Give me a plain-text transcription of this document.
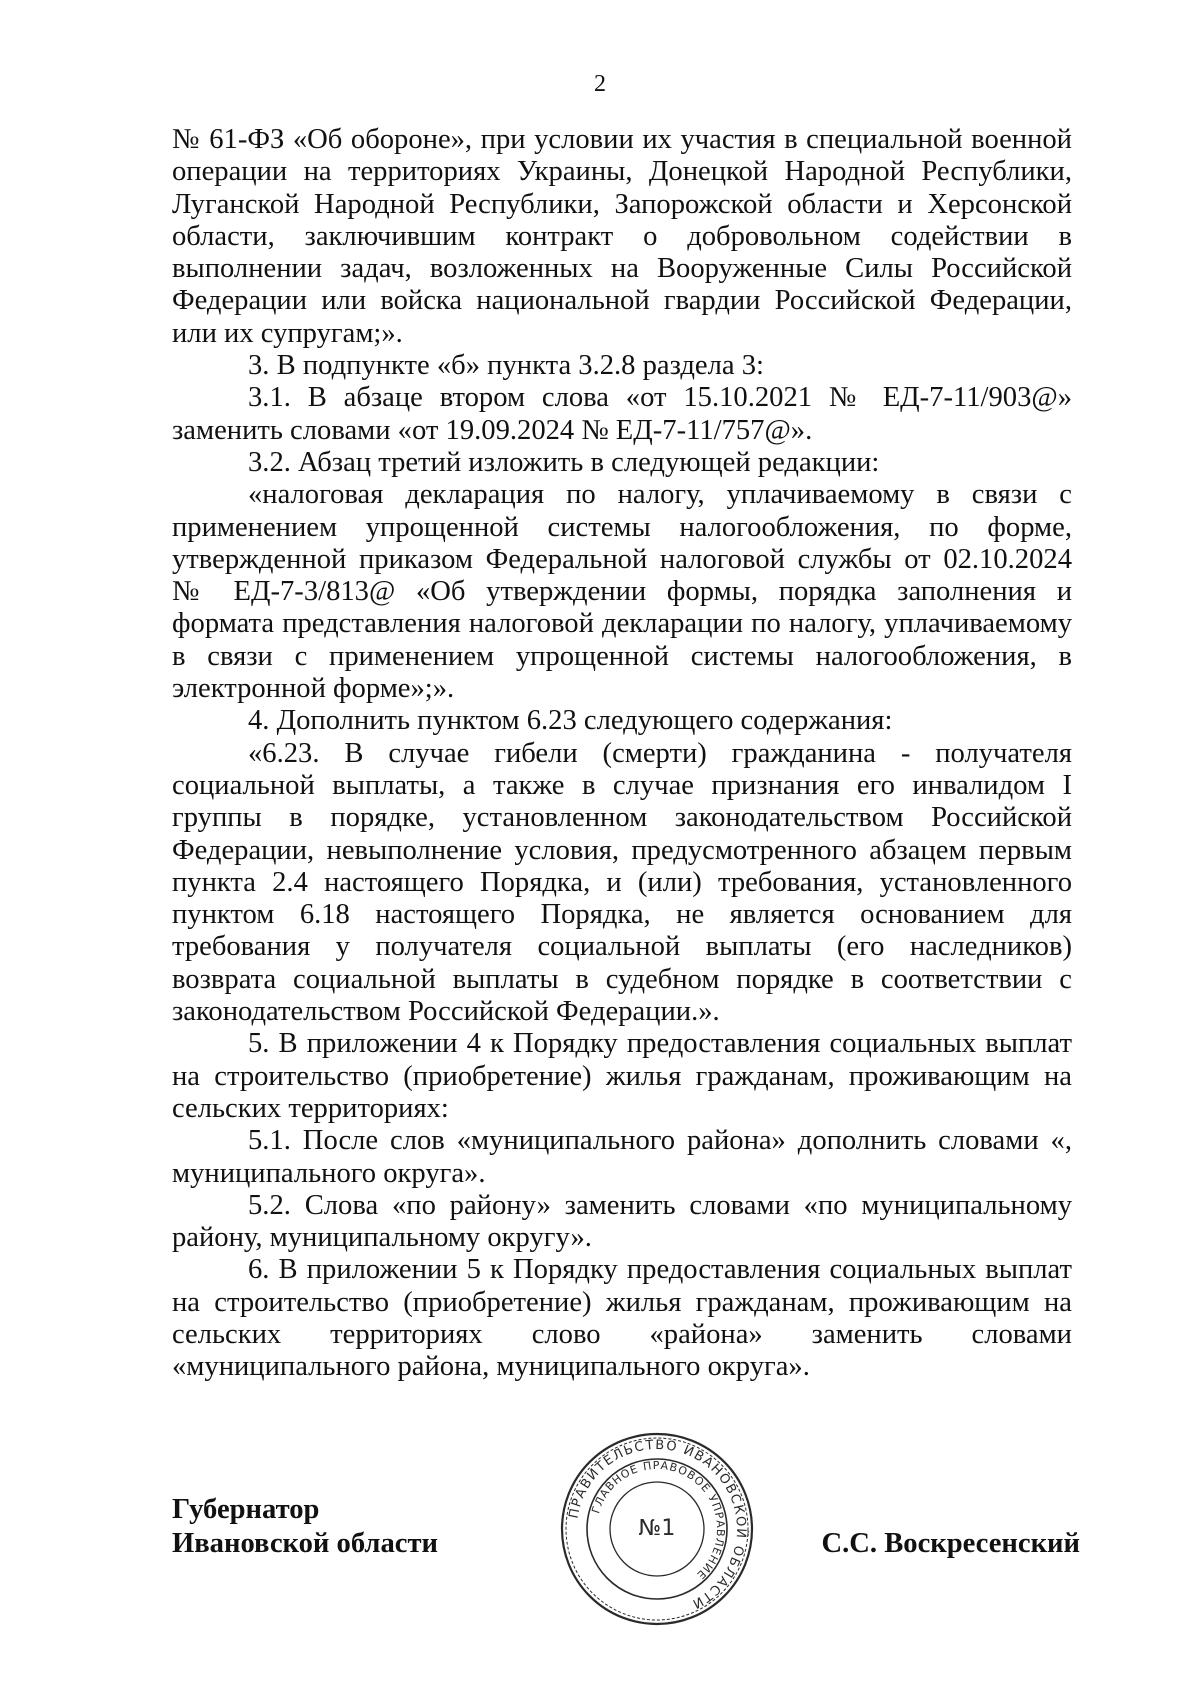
2

№ 61-ФЗ «Об обороне», при условии их участия в специальной военной операции на территориях Украины, Донецкой Народной Республики, Луганской Народной Республики, Запорожской области и Херсонской области, заключившим контракт о добровольном содействии в выполнении задач, возложенных на Вооруженные Силы Российской Федерации или войска национальной гвардии Российской Федерации, или их супругам;».

3. В подпункте «б» пункта 3.2.8 раздела 3:

3.1. В абзаце втором слова «от 15.10.2021 № ЕД-7-11/903@» заменить словами «от 19.09.2024 № ЕД-7-11/757@».

3.2. Абзац третий изложить в следующей редакции:

«налоговая декларация по налогу, уплачиваемому в связи с применением упрощенной системы налогообложения, по форме, утвержденной приказом Федеральной налоговой службы от 02.10.2024 № ЕД-7-3/813@ «Об утверждении формы, порядка заполнения и формата представления налоговой декларации по налогу, уплачиваемому в связи с применением упрощенной системы налогообложения, в электронной форме»;».

4. Дополнить пунктом 6.23 следующего содержания:

«6.23. В случае гибели (смерти) гражданина - получателя социальной выплаты, а также в случае признания его инвалидом I группы в порядке, установленном законодательством Российской Федерации, невыполнение условия, предусмотренного абзацем первым пункта 2.4 настоящего Порядка, и (или) требования, установленного пунктом 6.18 настоящего Порядка, не является основанием для требования у получателя социальной выплаты (его наследников) возврата социальной выплаты в судебном порядке в соответствии с законодательством Российской Федерации.».

5. В приложении 4 к Порядку предоставления социальных выплат на строительство (приобретение) жилья гражданам, проживающим на сельских территориях:

5.1. После слов «муниципального района» дополнить словами «, муниципального округа».

5.2. Слова «по району» заменить словами «по муниципальному району, муниципальному округу».

6. В приложении 5 к Порядку предоставления социальных выплат на строительство (приобретение) жилья гражданам, проживающим на сельских территориях слово «района» заменить словами «муниципального района, муниципального округа».

Губернатор
Ивановской области	С.С. Воскресенский
ПРАВИТЕЛЬСТВО ИВАНОВСКОЙ ОБЛАСТИ
ГЛАВНОЕ ПРАВОВОЕ УПРАВЛЕНИЕ
№1
